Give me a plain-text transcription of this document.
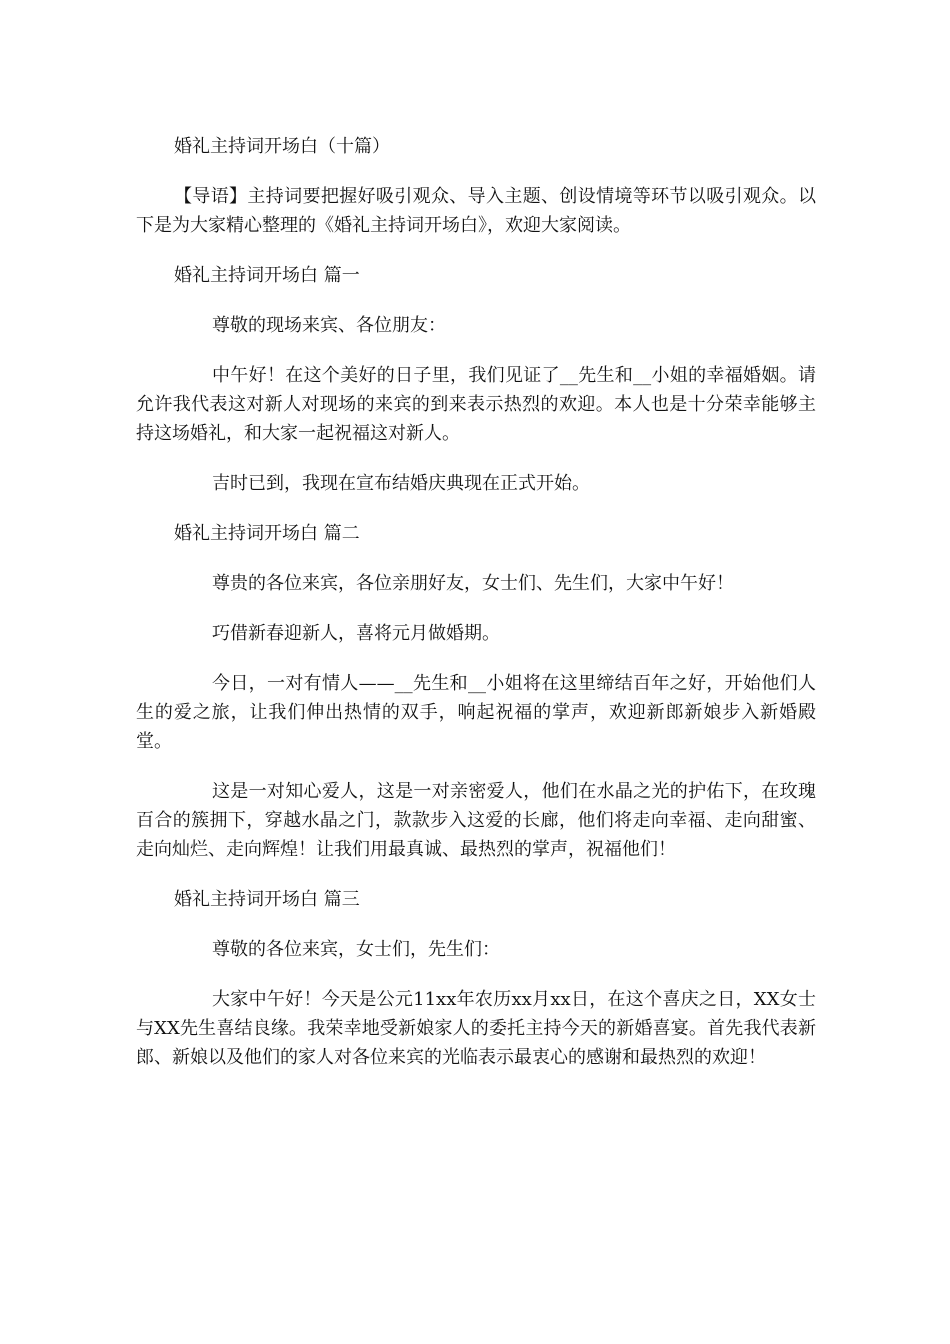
婚礼主持词开场白（十篇）
【导语】主持词要把握好吸引观众、导入主题、创设情境等环节以吸引观众。以下是为大家精心整理的《婚礼主持词开场白》，欢迎大家阅读。
婚礼主持词开场白 篇一
尊敬的现场来宾、各位朋友：
中午好！在这个美好的日子里，我们见证了__先生和__小姐的幸福婚姻。请允许我代表这对新人对现场的来宾的到来表示热烈的欢迎。本人也是十分荣幸能够主持这场婚礼，和大家一起祝福这对新人。
吉时已到，我现在宣布结婚庆典现在正式开始。
婚礼主持词开场白 篇二
尊贵的各位来宾，各位亲朋好友，女士们、先生们，大家中午好！
巧借新春迎新人，喜将元月做婚期。
今日，一对有情人——__先生和__小姐将在这里缔结百年之好，开始他们人生的爱之旅，让我们伸出热情的双手，响起祝福的掌声，欢迎新郎新娘步入新婚殿堂。
这是一对知心爱人，这是一对亲密爱人，他们在水晶之光的护佑下，在玫瑰百合的簇拥下，穿越水晶之门，款款步入这爱的长廊，他们将走向幸福、走向甜蜜、走向灿烂、走向辉煌！让我们用最真诚、最热烈的掌声，祝福他们！
婚礼主持词开场白 篇三
尊敬的各位来宾，女士们，先生们：
大家中午好！今天是公元11xx年农历xx月xx日，在这个喜庆之日，XX女士与XX先生喜结良缘。我荣幸地受新娘家人的委托主持今天的新婚喜宴。首先我代表新郎、新娘以及他们的家人对各位来宾的光临表示最衷心的感谢和最热烈的欢迎！
